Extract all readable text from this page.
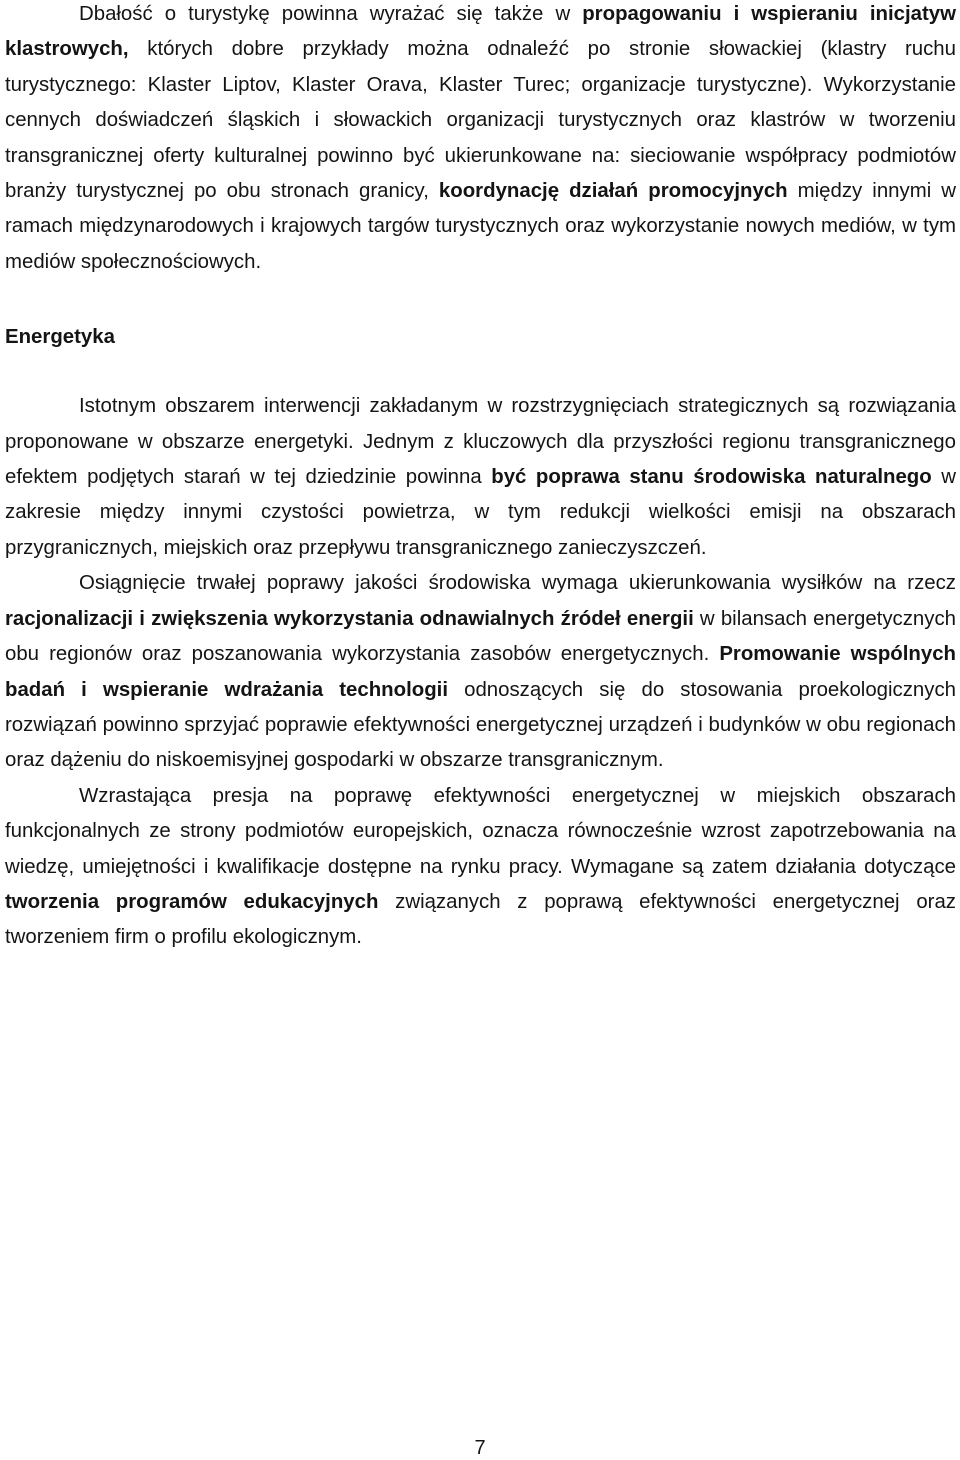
Dbałość o turystykę powinna wyrażać się także w propagowaniu i wspieraniu inicjatyw klastrowych, których dobre przykłady można odnaleźć po stronie słowackiej (klastry ruchu turystycznego: Klaster Liptov, Klaster Orava, Klaster Turec; organizacje turystyczne). Wykorzystanie cennych doświadczeń śląskich i słowackich organizacji turystycznych oraz klastrów w tworzeniu transgranicznej oferty kulturalnej powinno być ukierunkowane na: sieciowanie współpracy podmiotów branży turystycznej po obu stronach granicy, koordynację działań promocyjnych między innymi w ramach międzynarodowych i krajowych targów turystycznych oraz wykorzystanie nowych mediów, w tym mediów społecznościowych.

Energetyka

Istotnym obszarem interwencji zakładanym w rozstrzygnięciach strategicznych są rozwiązania proponowane w obszarze energetyki. Jednym z kluczowych dla przyszłości regionu transgranicznego efektem podjętych starań w tej dziedzinie powinna być poprawa stanu środowiska naturalnego w zakresie między innymi czystości powietrza, w tym redukcji wielkości emisji na obszarach przygranicznych, miejskich oraz przepływu transgranicznego zanieczyszczeń.

Osiągnięcie trwałej poprawy jakości środowiska wymaga ukierunkowania wysiłków na rzecz racjonalizacji i zwiększenia wykorzystania odnawialnych źródeł energii w bilansach energetycznych obu regionów oraz poszanowania wykorzystania zasobów energetycznych. Promowanie wspólnych badań i wspieranie wdrażania technologii odnoszących się do stosowania proekologicznych rozwiązań powinno sprzyjać poprawie efektywności energetycznej urządzeń i budynków w obu regionach oraz dążeniu do niskoemisyjnej gospodarki w obszarze transgranicznym.

Wzrastająca presja na poprawę efektywności energetycznej w miejskich obszarach funkcjonalnych ze strony podmiotów europejskich, oznacza równocześnie wzrost zapotrzebowania na wiedzę, umiejętności i kwalifikacje dostępne na rynku pracy. Wymagane są zatem działania dotyczące tworzenia programów edukacyjnych związanych z poprawą efektywności energetycznej oraz tworzeniem firm o profilu ekologicznym.

7
